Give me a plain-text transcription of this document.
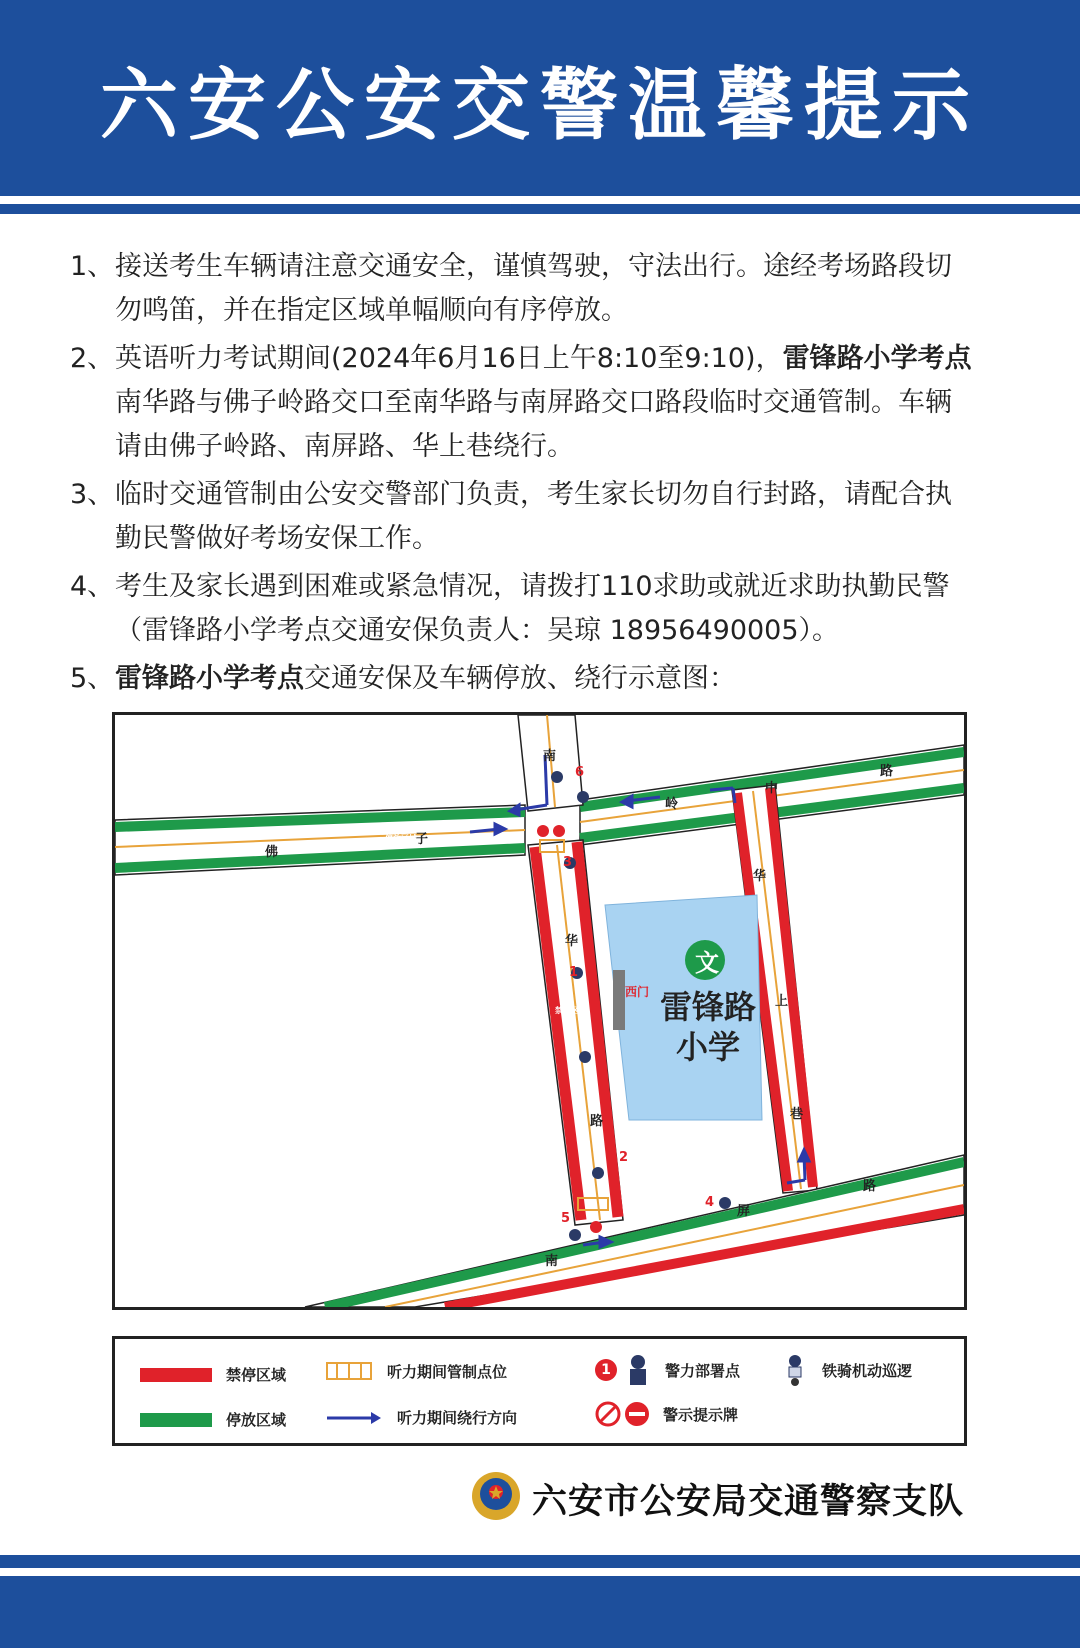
六安公安交警温馨提示
1、 接送考生车辆请注意交通安全，谨慎驾驶，守法出行。途经考场路段切
勿鸣笛，并在指定区域单幅顺向有序停放。
2、 英语听力考试期间(2024年6月16日上午8:10至9:10)，雷锋路小学考点
南华路与佛子岭路交口至南华路与南屏路交口路段临时交通管制。车辆
请由佛子岭路、南屏路、华上巷绕行。
3、 临时交通管制由公安交警部门负责，考生家长切勿自行封路，请配合执
勤民警做好考场安保工作。
4、 考生及家长遇到困难或紧急情况，请拨打110求助或就近求助执勤民警
（雷锋路小学考点交通安保负责人：吴琼 18956490005）。
5、 雷锋路小学考点交通安保及车辆停放、绕行示意图：
南
华
路
佛
子
岭
中
路
华
上
巷
南
屏
路
停放区域
禁停区域
西门
文
雷锋路
小学
1
2
3
4
5
6
禁停区域
停放区域
听力期间管制点位
听力期间绕行方向
1	警力部署点
警示提示牌
铁骑机动巡逻
六安市公安局交通警察支队
